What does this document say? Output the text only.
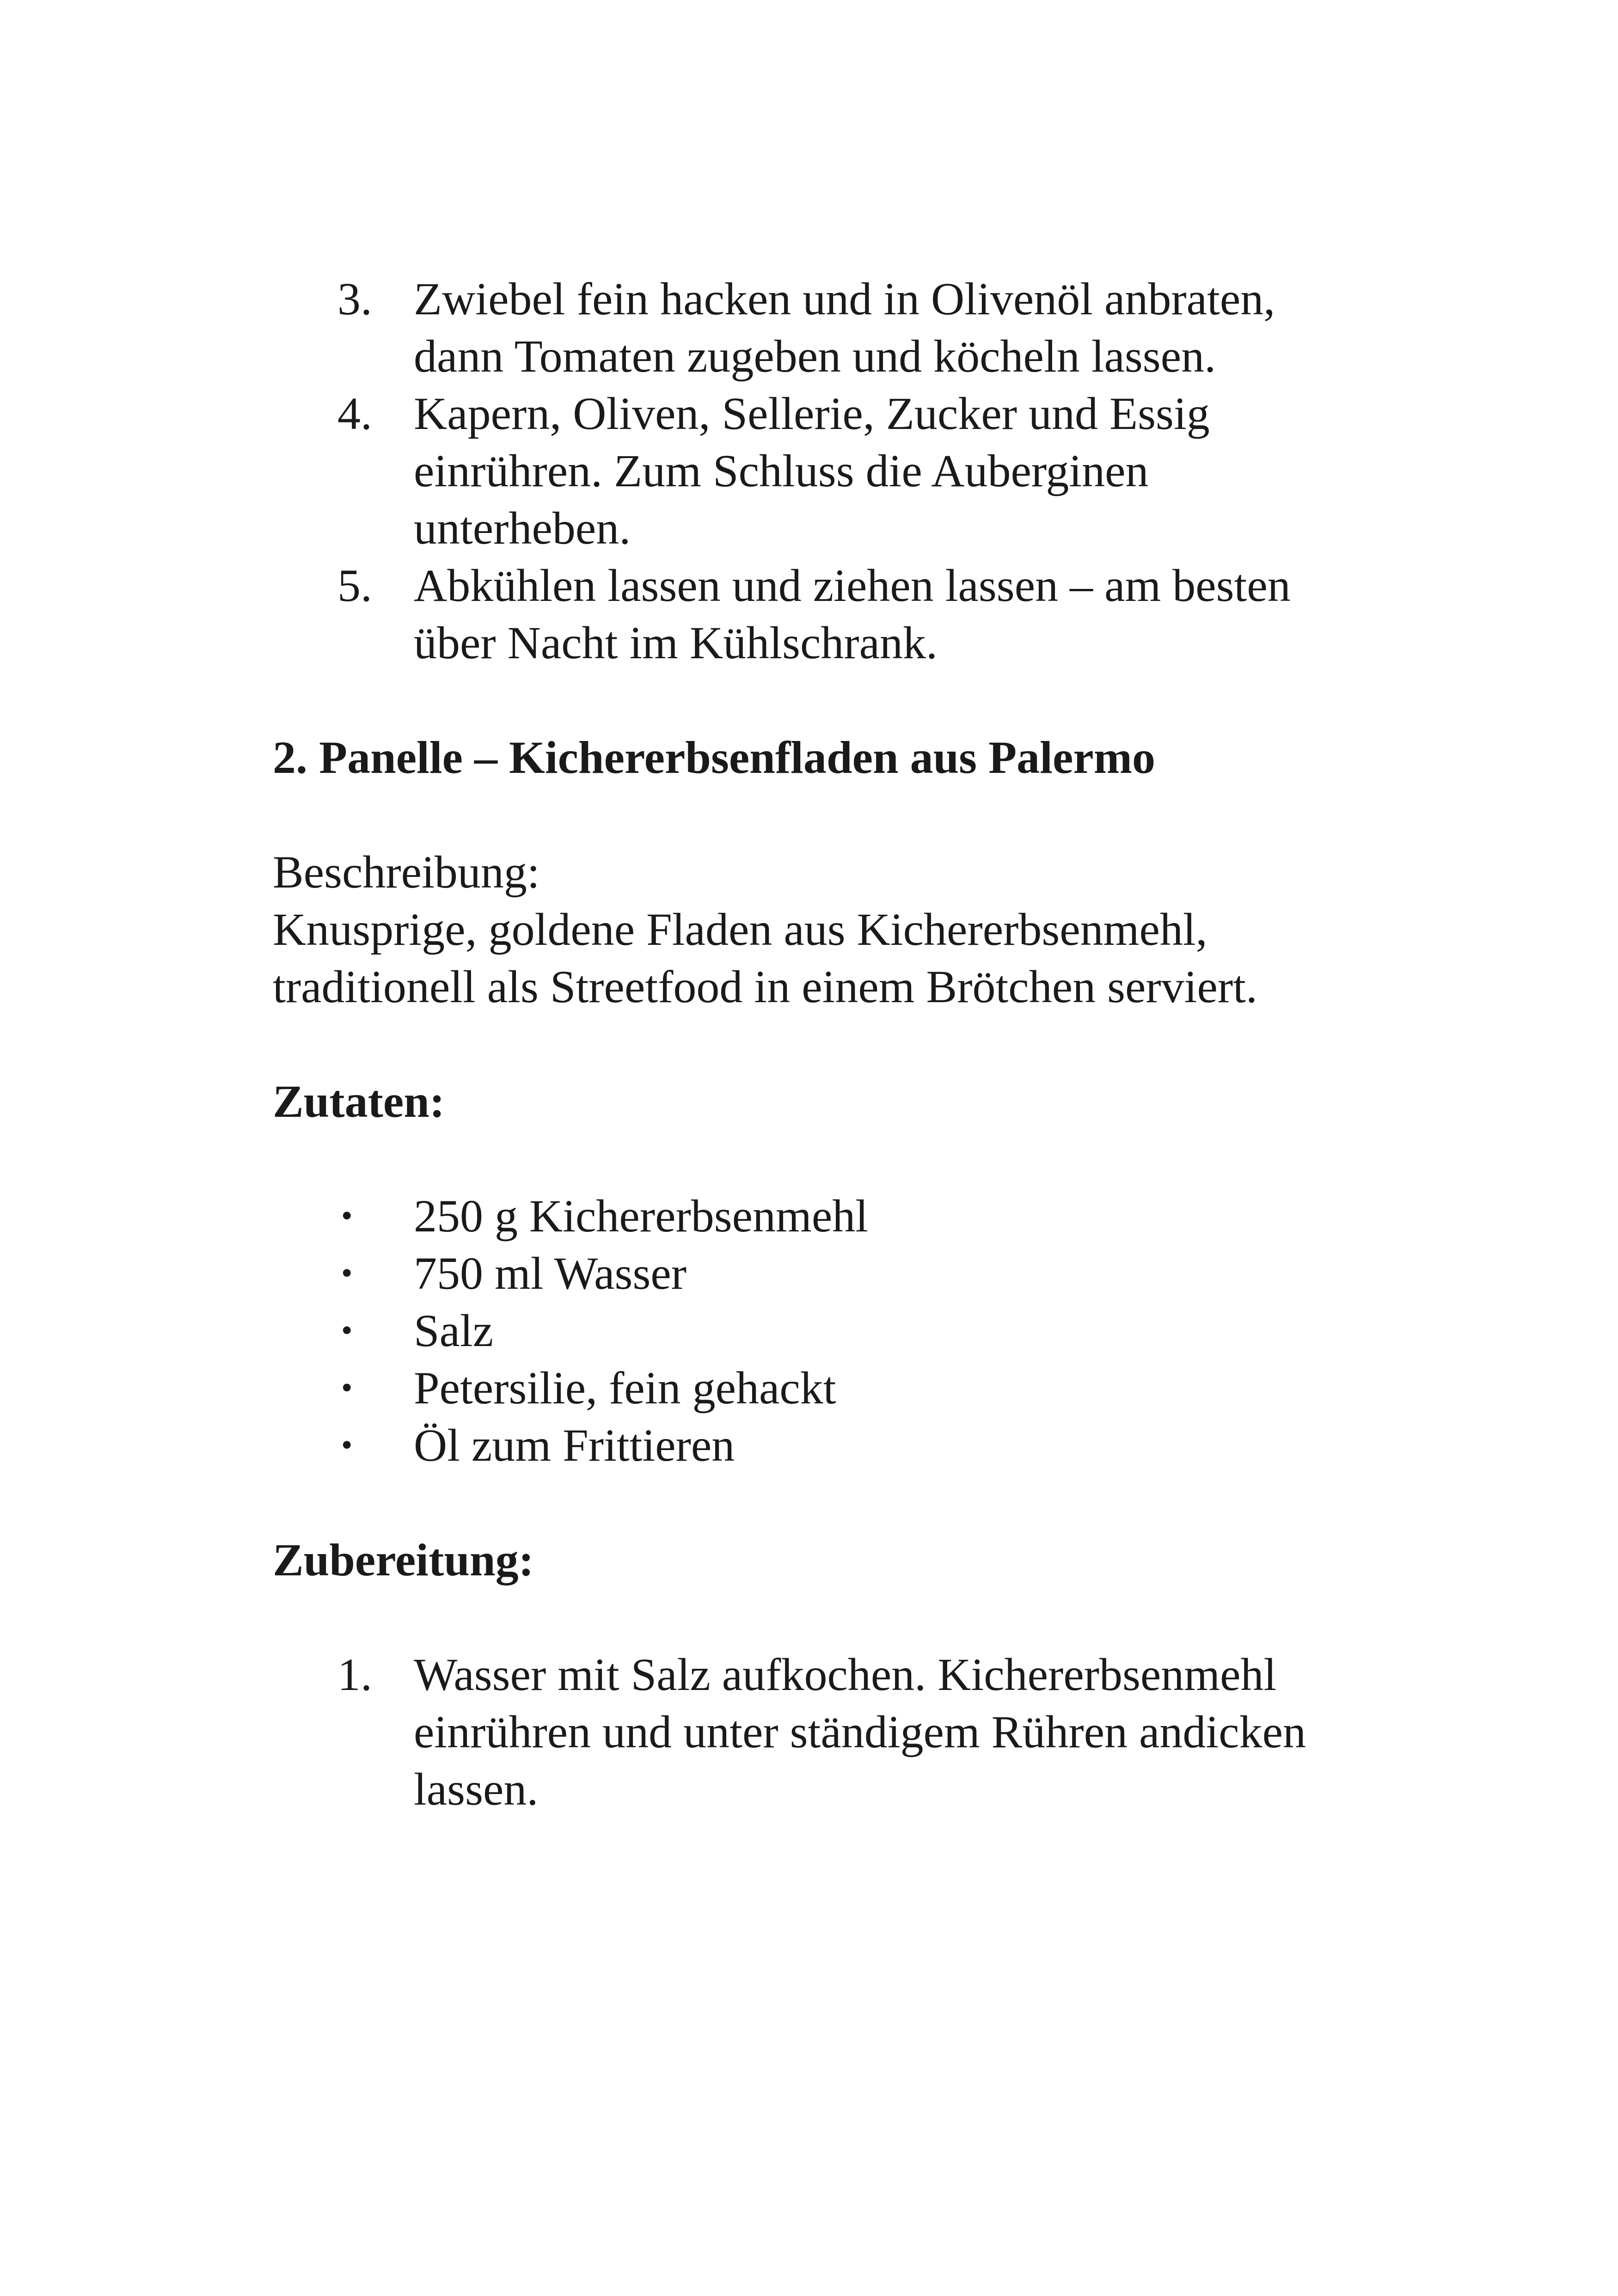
3. Zwiebel fein hacken und in Olivenöl anbraten, dann Tomaten zugeben und köcheln lassen.
4. Kapern, Oliven, Sellerie, Zucker und Essig einrühren. Zum Schluss die Auberginen unterheben.
5. Abkühlen lassen und ziehen lassen – am besten über Nacht im Kühlschrank.

2. Panelle – Kichererbsenfladen aus Palermo

Beschreibung:

Knusprige, goldene Fladen aus Kichererbsenmehl, traditionell als Streetfood in einem Brötchen serviert.

Zutaten:

• 250 g Kichererbsenmehl
• 750 ml Wasser
• Salz
• Petersilie, fein gehackt
• Öl zum Frittieren

Zubereitung:

1. Wasser mit Salz aufkochen. Kichererbsenmehl einrühren und unter ständigem Rühren andicken lassen.
